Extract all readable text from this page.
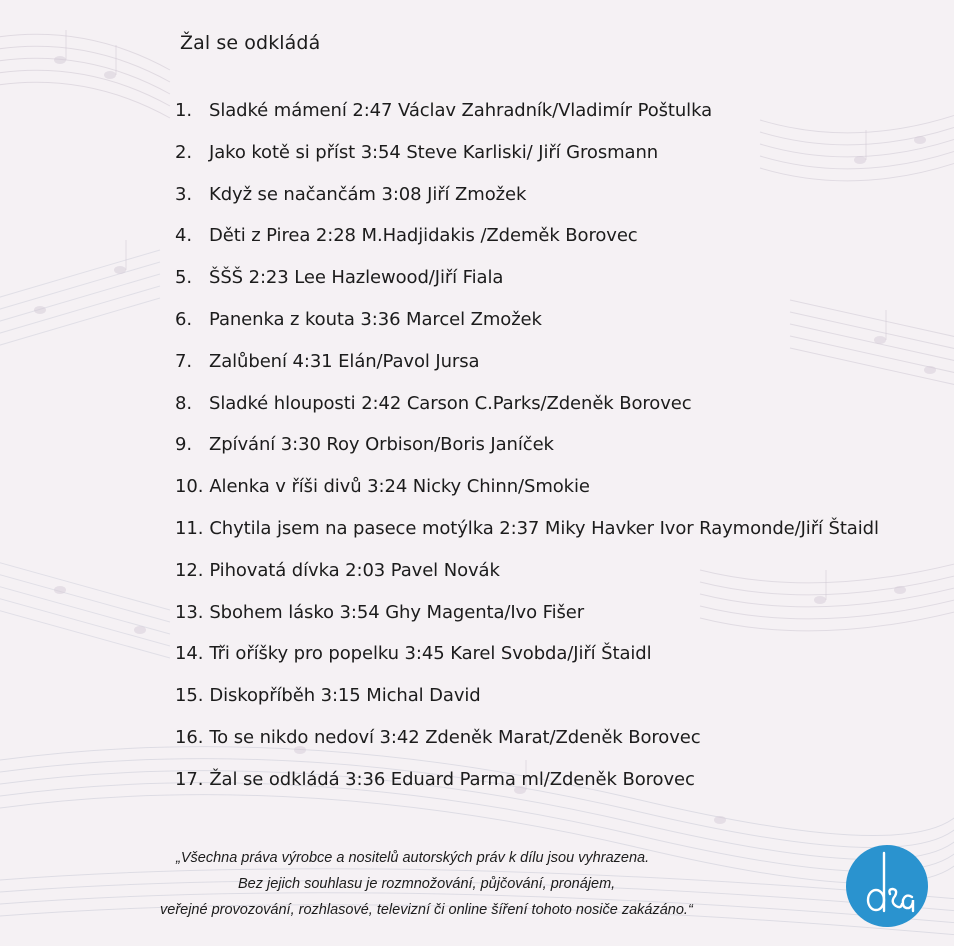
Žal se odkládá
1. Sladké mámení 2:47 Václav Zahradník/Vladimír Poštulka
2. Jako kotě si příst 3:54 Steve Karliski/ Jiří Grosmann
3. Když se načančám 3:08 Jiří Zmožek
4. Děti z Pirea 2:28 M.Hadjidakis /Zdeměk Borovec
5. ŠŠŠ 2:23 Lee Hazlewood/Jiří Fiala
6. Panenka z kouta 3:36 Marcel Zmožek
7. Zalůbení 4:31 Elán/Pavol Jursa
8. Sladké hlouposti 2:42 Carson C.Parks/Zdeněk Borovec
9. Zpívání 3:30 Roy Orbison/Boris Janíček
10. Alenka v říši divů 3:24 Nicky Chinn/Smokie
11. Chytila jsem na pasece motýlka 2:37 Miky Havker Ivor Raymonde/Jiří Štaidl
12. Pihovatá dívka 2:03 Pavel Novák
13. Sbohem lásko 3:54 Ghy Magenta/Ivo Fišer
14. Tři oříšky pro popelku 3:45 Karel Svobda/Jiří Štaidl
15. Diskopříběh 3:15 Michal David
16. To se nikdo nedoví 3:42 Zdeněk Marat/Zdeněk Borovec
17. Žal se odkládá 3:36 Eduard Parma ml/Zdeněk Borovec
„Všechna práva výrobce a nositelů autorských práv k dílu jsou vyhrazena.
Bez jejich souhlasu je rozmnožování, půjčování, pronájem,
veřejné provozování, rozhlasové, televizní či online šíření tohoto nosiče zakázáno.“
